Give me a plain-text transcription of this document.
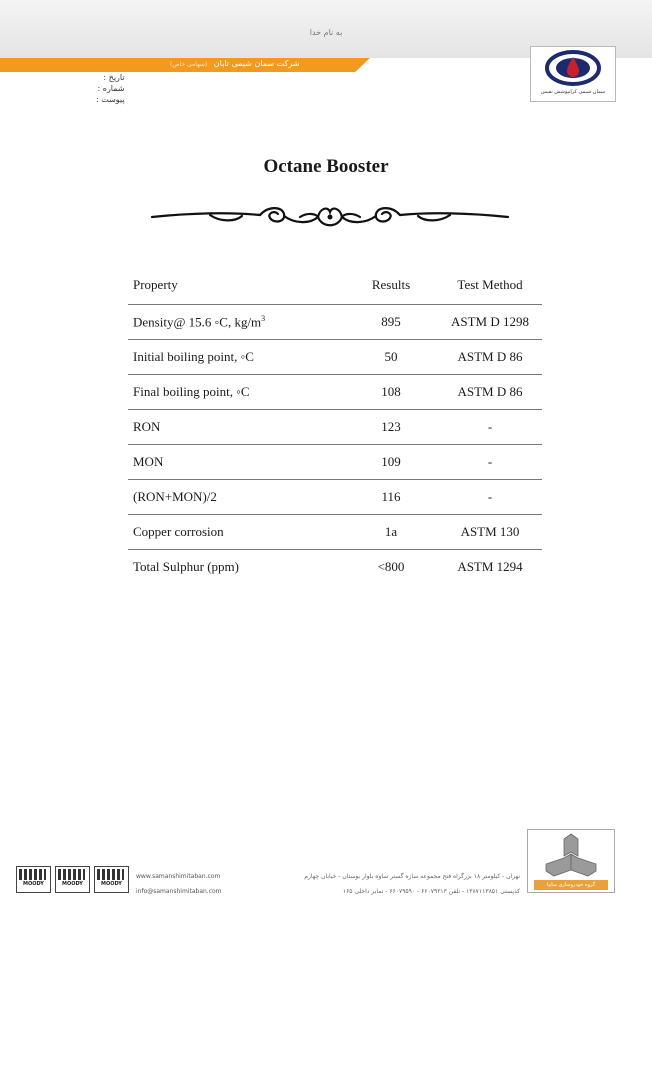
به نام خدا
شرکت سمان شیمی تابان (سهامی خاص)
تاریخ :
شماره :
پیوست :
سمان شیمی کرانپوشش نفیس
Octane Booster
Property	Results	Test Method
Density@ 15.6 ◦C, $kg/m^3$	895	ASTM D 1298
Initial boiling point, ◦C	50	ASTM D 86
Final boiling point, ◦C	108	ASTM D 86
RON	123	-
MON	109	-
(RON+MON)/2	116	-
Copper corrosion	1a	ASTM 130
Total Sulphur (ppm)	<800	ASTM 1294
MOODY	MOODY	MOODY
www.samanshimitaban.com
info@samanshimitaban.com
تهران - کیلومتر ۱۸ بزرگراه فتح مجموعه سازه گستر ساوه بلوار بوستان - خیابان چهارم
کدپستی ۱۳۸۷۱۱۳۸۵۱ - تلفن ۶۶۰۷۹۲۱۳ - ۶۶۰۷۹۵۹۰ - تمابر داخلی ۱۶۵
گروه خودروسازی سایپا
